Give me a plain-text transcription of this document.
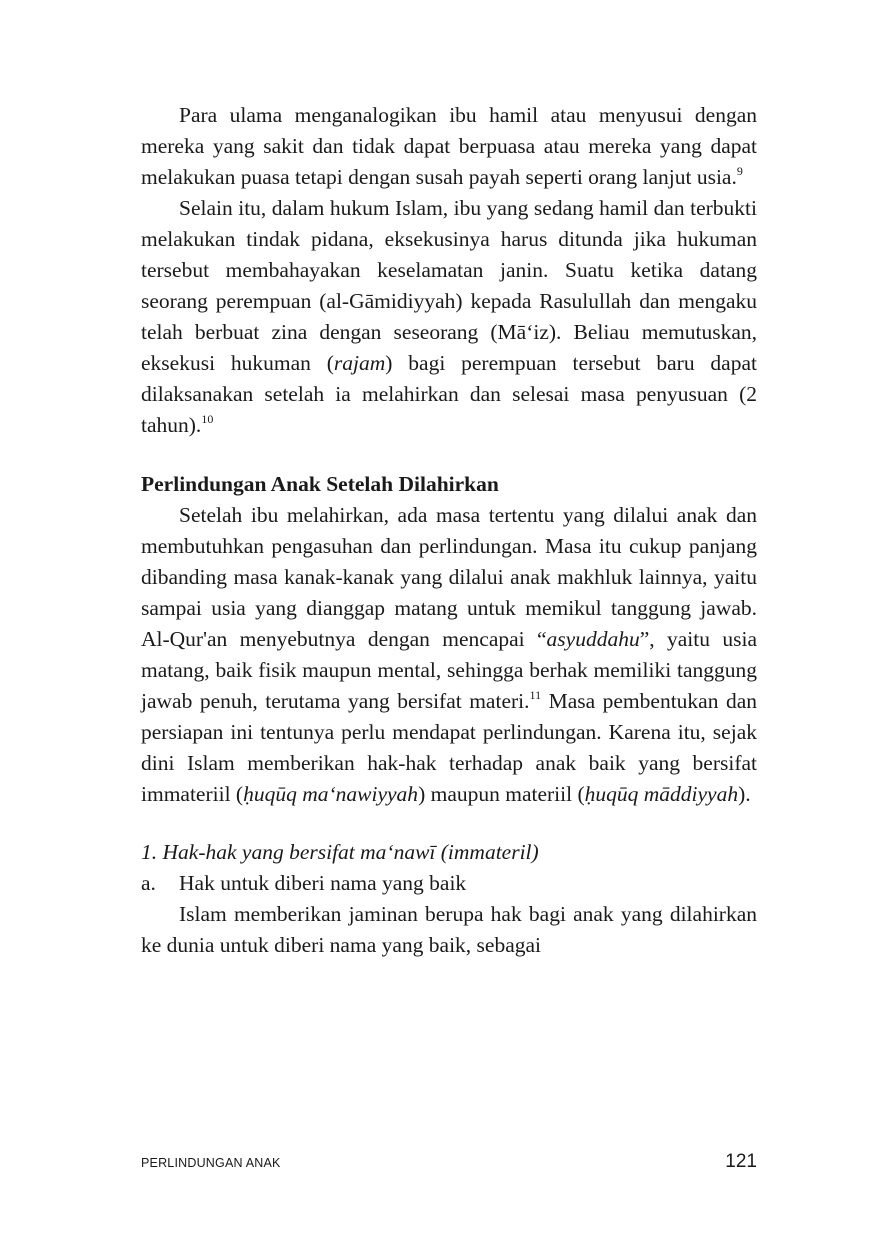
Para ulama menganalogikan ibu hamil atau menyusui dengan mereka yang sakit dan tidak dapat berpuasa atau mereka yang dapat melakukan puasa tetapi dengan susah payah seperti orang lanjut usia.$^9$

Selain itu, dalam hukum Islam, ibu yang sedang hamil dan terbukti melakukan tindak pidana, eksekusinya harus ditunda jika hukuman tersebut membahayakan keselamatan janin. Suatu ketika datang seorang perempuan (al-Gāmidiyyah) kepada Rasulullah dan mengaku telah berbuat zina dengan seseorang (Mā‘iz). Beliau memutuskan, eksekusi hukuman (rajam) bagi perempuan tersebut baru dapat dilaksanakan setelah ia melahirkan dan selesai masa penyusuan (2 tahun).$^{10}$

Perlindungan Anak Setelah Dilahirkan

Setelah ibu melahirkan, ada masa tertentu yang dilalui anak dan membutuhkan pengasuhan dan perlindungan. Masa itu cukup panjang dibanding masa kanak-kanak yang dilalui anak makhluk lainnya, yaitu sampai usia yang dianggap matang untuk memikul tanggung jawab. Al-Qur'an menyebutnya dengan mencapai “asyuddahu”, yaitu usia matang, baik fisik maupun mental, sehingga berhak memiliki tanggung jawab penuh, terutama yang bersifat materi.$^{11}$ Masa pembentukan dan persiapan ini tentunya perlu mendapat perlindungan. Karena itu, sejak dini Islam memberikan hak-hak terhadap anak baik yang bersifat immateriil (ḥuqūq ma‘nawiyyah) maupun materiil (ḥuqūq māddiyyah).

1. Hak-hak yang bersifat ma‘nawī (immateril)

a.	Hak untuk diberi nama yang baik

Islam memberikan jaminan berupa hak bagi anak yang dilahirkan ke dunia untuk diberi nama yang baik, sebagai

PERLINDUNGAN ANAK	121
